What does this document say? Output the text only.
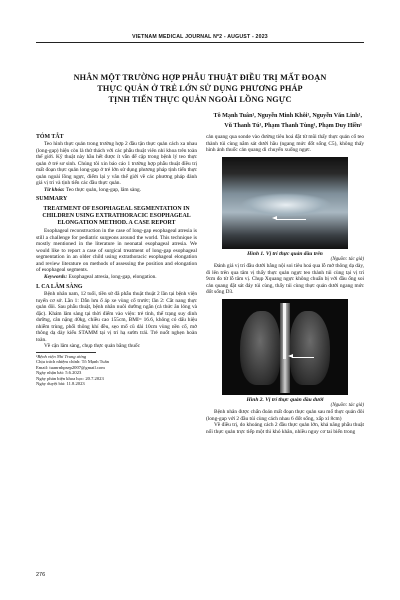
VIETNAM MEDICAL JOURNAL Nº2 - AUGUST - 2023
NHÂN MỘT TRƯỜNG HỢP PHẪU THUẬT ĐIỀU TRỊ MẤT ĐOẠN
THỰC QUẢN Ở TRẺ LỚN SỬ DỤNG PHƯƠNG PHÁP
TỊNH TIẾN THỰC QUẢN NGOÀI LỒNG NGỰC
Tô Mạnh Tuân¹, Nguyễn Minh Khôi¹, Nguyễn Văn Linh¹,
Vũ Thanh Tú¹, Phạm Thanh Tùng¹, Phạm Duy Hiền¹

TÓM TẮT

Teo hình thực quản trong trường hợp 2 đầu tận thực quản cách xa nhau (long-gap) hiện còn là thử thách với các phẫu thuật viên nhi khoa trên toàn thế giới. Kỹ thuật này hầu hết được ít vẫn để cập trong bệnh lý teo thực quản ở trẻ sơ sinh. Chúng tôi xin báo cáo 1 trường hợp phẫu thuật điều trị mất đoạn thực quản long-gap ở trẻ lớn sử dụng phương pháp tịnh tiến thực quản ngoài lồng ngực, điểm lại y văn thế giới về các phương pháp đánh giá vị trí và tịnh tiến các đầu thực quản.

Từ khóa: Teo thực quản, long-gap, lâm sàng.

SUMMARY

TREATMENT OF ESOPHAGEAL SEGMENTATION IN CHILDREN USING EXTRATHORACIC ESOPHAGEAL ELONGATION METHOD. A CASE REPORT

Esophageal reconstruction in the case of long-gap esophageal atresia is still a challenge for pediatric surgeons around the world. This technique is mostly mentioned in the literature in neonatal esophageal atresia. We would like to report a case of surgical treatment of long-gap esophageal segmentation in an older child using extrathoracic esophageal elongation and review literature on methods of assessing the position and elongation of esophageal segments.

Keywords: Esophageal atresia, long-gap, elongation.

I. CA LÂM SÀNG

Bệnh nhân nam, 12 tuổi, tiền sử đã phẫu thuật thuật 2 lần tại bệnh viện tuyến cơ sở. Lần 1: Dẫn lưu ổ áp xe vùng cổ trước; lần 2: Cắt nang thực quản đôi. Sau phẫu thuật, bệnh nhân nuôi dưỡng ngắn (cả thức ăn lỏng và đặc). Khám lâm sàng tại thời điểm vào viện: trẻ tỉnh, thể trạng suy dinh dưỡng, cân nặng 40kg, chiều cao 155cm, BMI= 16.6, không có dấu hiệu nhiễm trùng, phổi thông khí đều, sẹo mổ cũ dài 10cm vùng nền cổ, mở thông dạ dày kiểu STAMM tại vị trí hạ sườn trái. Trẻ nuốt nghẹn hoàn toàn.

Về cận lâm sàng, chụp thực quản bằng thuốc

¹Bệnh viện Nhi Trung ương
Chịu trách nhiệm chính: Tô Mạnh Tuân
Email: tuanrnhpsep2007@gmail.com
Ngày nhận bài: 5.6.2023
Ngày phản biện khoa học: 20.7.2023
Ngày duyệt bài: 11.8.2023

cản quang qua sonde vào đường tiêu hoá đặt từ mũi thấy thực quản cổ teo thành túi cùng nằm sát dưới hầu (ngang mức đốt sống C5), không thấy hình ảnh thuốc cản quang di chuyển xuống ngực.

Hình 1. Vị trí thực quản đầu trên
(Nguồn: tác giả)

Đánh giá vị trí đầu dưới bằng nội soi tiêu hoá qua lỗ mở thông dạ dày, đi lên trên qua tâm vị thấy thực quản ngực teo thành túi cùng tại vị trí 9cm đo từ lỗ tâm vị. Chụp Xquang ngực không chuẩn bị với đầu ống soi cản quang đặt sát đáy túi cùng, thấy túi cùng thực quản dưới ngang mức đốt sống D3.

Hình 2. Vị trí thực quản đầu dưới
(Nguồn: tác giả)

Bệnh nhân được chẩn đoán mất đoạn thực quản sau mổ thực quản đôi (long-gap với 2 đầu túi cùng cách nhau 6 đốt sống, xấp xỉ 8cm)

Về điều trị, do khoảng cách 2 đầu thực quản lớn, khả năng phẫu thuật nối thực quản trực tiếp một thì khó khăn, nhiều nguy cơ tai biến trong

276
